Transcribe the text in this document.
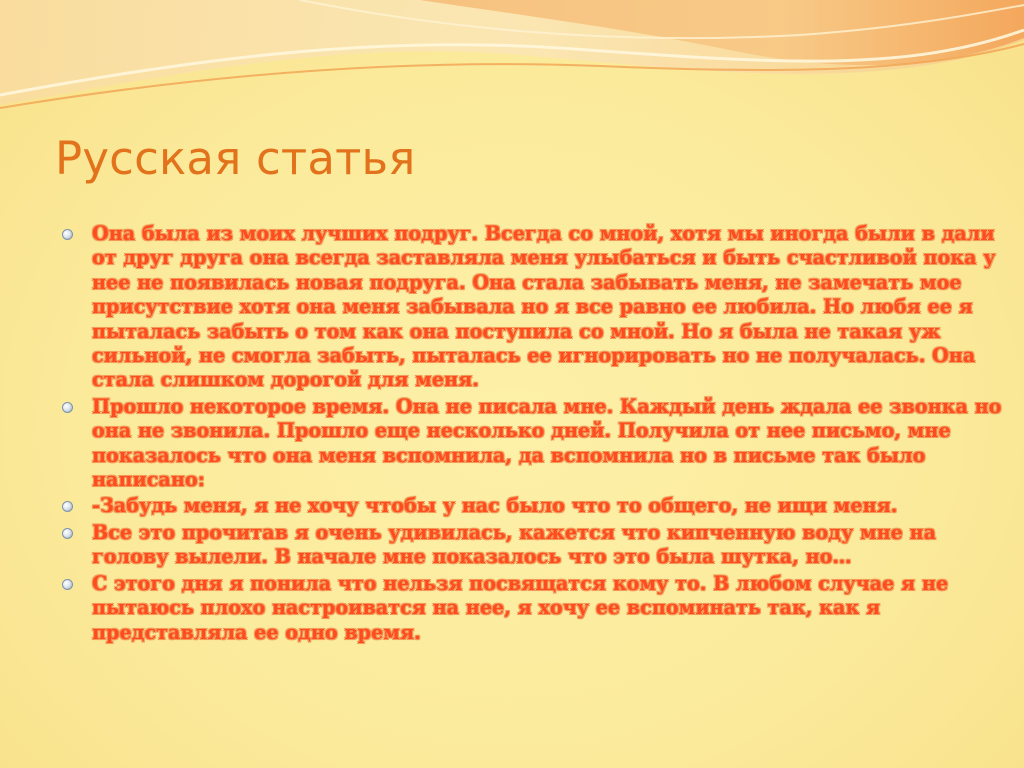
Русская статья
Она была из моих лучших подруг. Всегда со мной, хотя мы иногда были в дали от друг друга она всегда заставляла меня улыбаться и быть счастливой пока у нее не появилась новая подруга. Она стала забывать меня, не замечать мое присутствие хотя она меня забывала но я все равно ее любила. Но любя ее я пыталась забыть о том как она поступила со мной. Но я была не такая уж сильной, не смогла забыть, пыталась ее игнорировать но не получалась. Она стала слишком дорогой для меня.
Прошло некоторое время. Она не писала мне. Каждый день ждала ее звонка но она не звонила. Прошло еще несколько дней. Получила от нее письмо, мне показалось что она меня вспомнила, да вспомнила но в письме так было написано:
-Забудь меня, я не хочу чтобы у нас было что то общего, не ищи меня.
Все это прочитав я очень удивилась, кажется что кипченную воду мне на голову вылели. В начале мне показалось что это была шутка, но…
С этого дня я понила что нельзя посвящатся кому то. В любом случае я не пытаюсь плохо настроиватся на нее, я хочу ее вспоминать так, как я представляла ее одно время.
